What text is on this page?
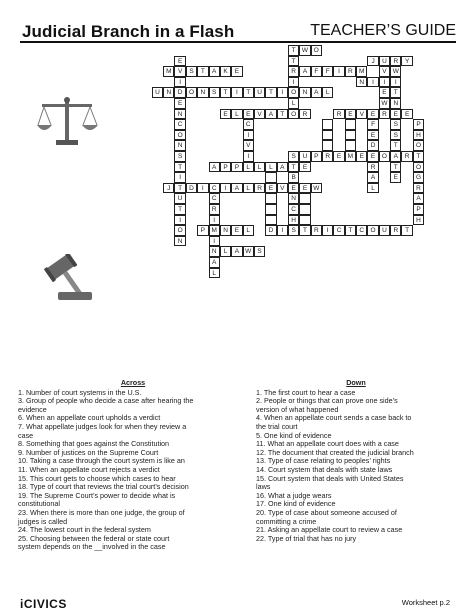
Judicial Branch in a Flash	TEACHER’S GUIDE
T W O
T
R
I
O
L
J	U	R	Y
M V	S	T	A	K	E	A	F	F	I	R M
N	I	I	I
U	N	D O N	S	T	I	T	U	T	I	N	A	L
E	L	E	V	A	T	O R	R	E	V	E	R	E	E
S	U	P	R	E M E	E	O	A	R	T
A	P	P	L	L	L	A	T	E
J	T	D	I	C	I	A	L	R	E	V	E	E W
D	I	S	T	R	I	C	T	C O U	R	T
P M N	E	L
L	A W S
E
I
E
N
C
O
N
S
T
I
U
T
I
O
N
C
I
V
I
C
R
I
I
N
A
L
B
N
C
H
V
E
W
W
T
N
S
S
T
P
H
O
O
G
R
A
P
H
T
E
F
E
D
R
A
L
Across
1. Number of court systems in the U.S.
3. Group of people who decide a case after hearing the
evidence
6. When an appellate court upholds a verdict
7. What appellate judges look for when they review a
case
8. Something that goes against the Constitution
9. Number of justices on the Supreme Court
10. Taking a case through the court system is like an
11. When an appellate court rejects a verdict
15. This court gets to choose which cases to hear
18. Type of court that reviews the trial court’s decision
19. The Supreme Court’s power to decide what is
constitutional
23. When there is more than one judge, the group of
judges is called
24. The lowest court in the federal system
25. Choosing between the federal or state court
system depends on the __involved in the case
Down
1. The first court to hear a case
2. People or things that can prove one side’s
version of what happened
4. When an appellate court sends a case back to
the trial court
5. One kind of evidence
11. What an appellate court does with a case
12. The document that created the judicial branch
13. Type of case relating to peoples’ rights
14. Court system that deals with state laws
15. Court system that deals with United States
laws
16. What a judge wears
17. One kind of evidence
20. Type of case about someone accused of
committing a crime
21. Asking an appellate court to review a case
22. Type of trial that has no jury
iCIVICS	Worksheet p.2
